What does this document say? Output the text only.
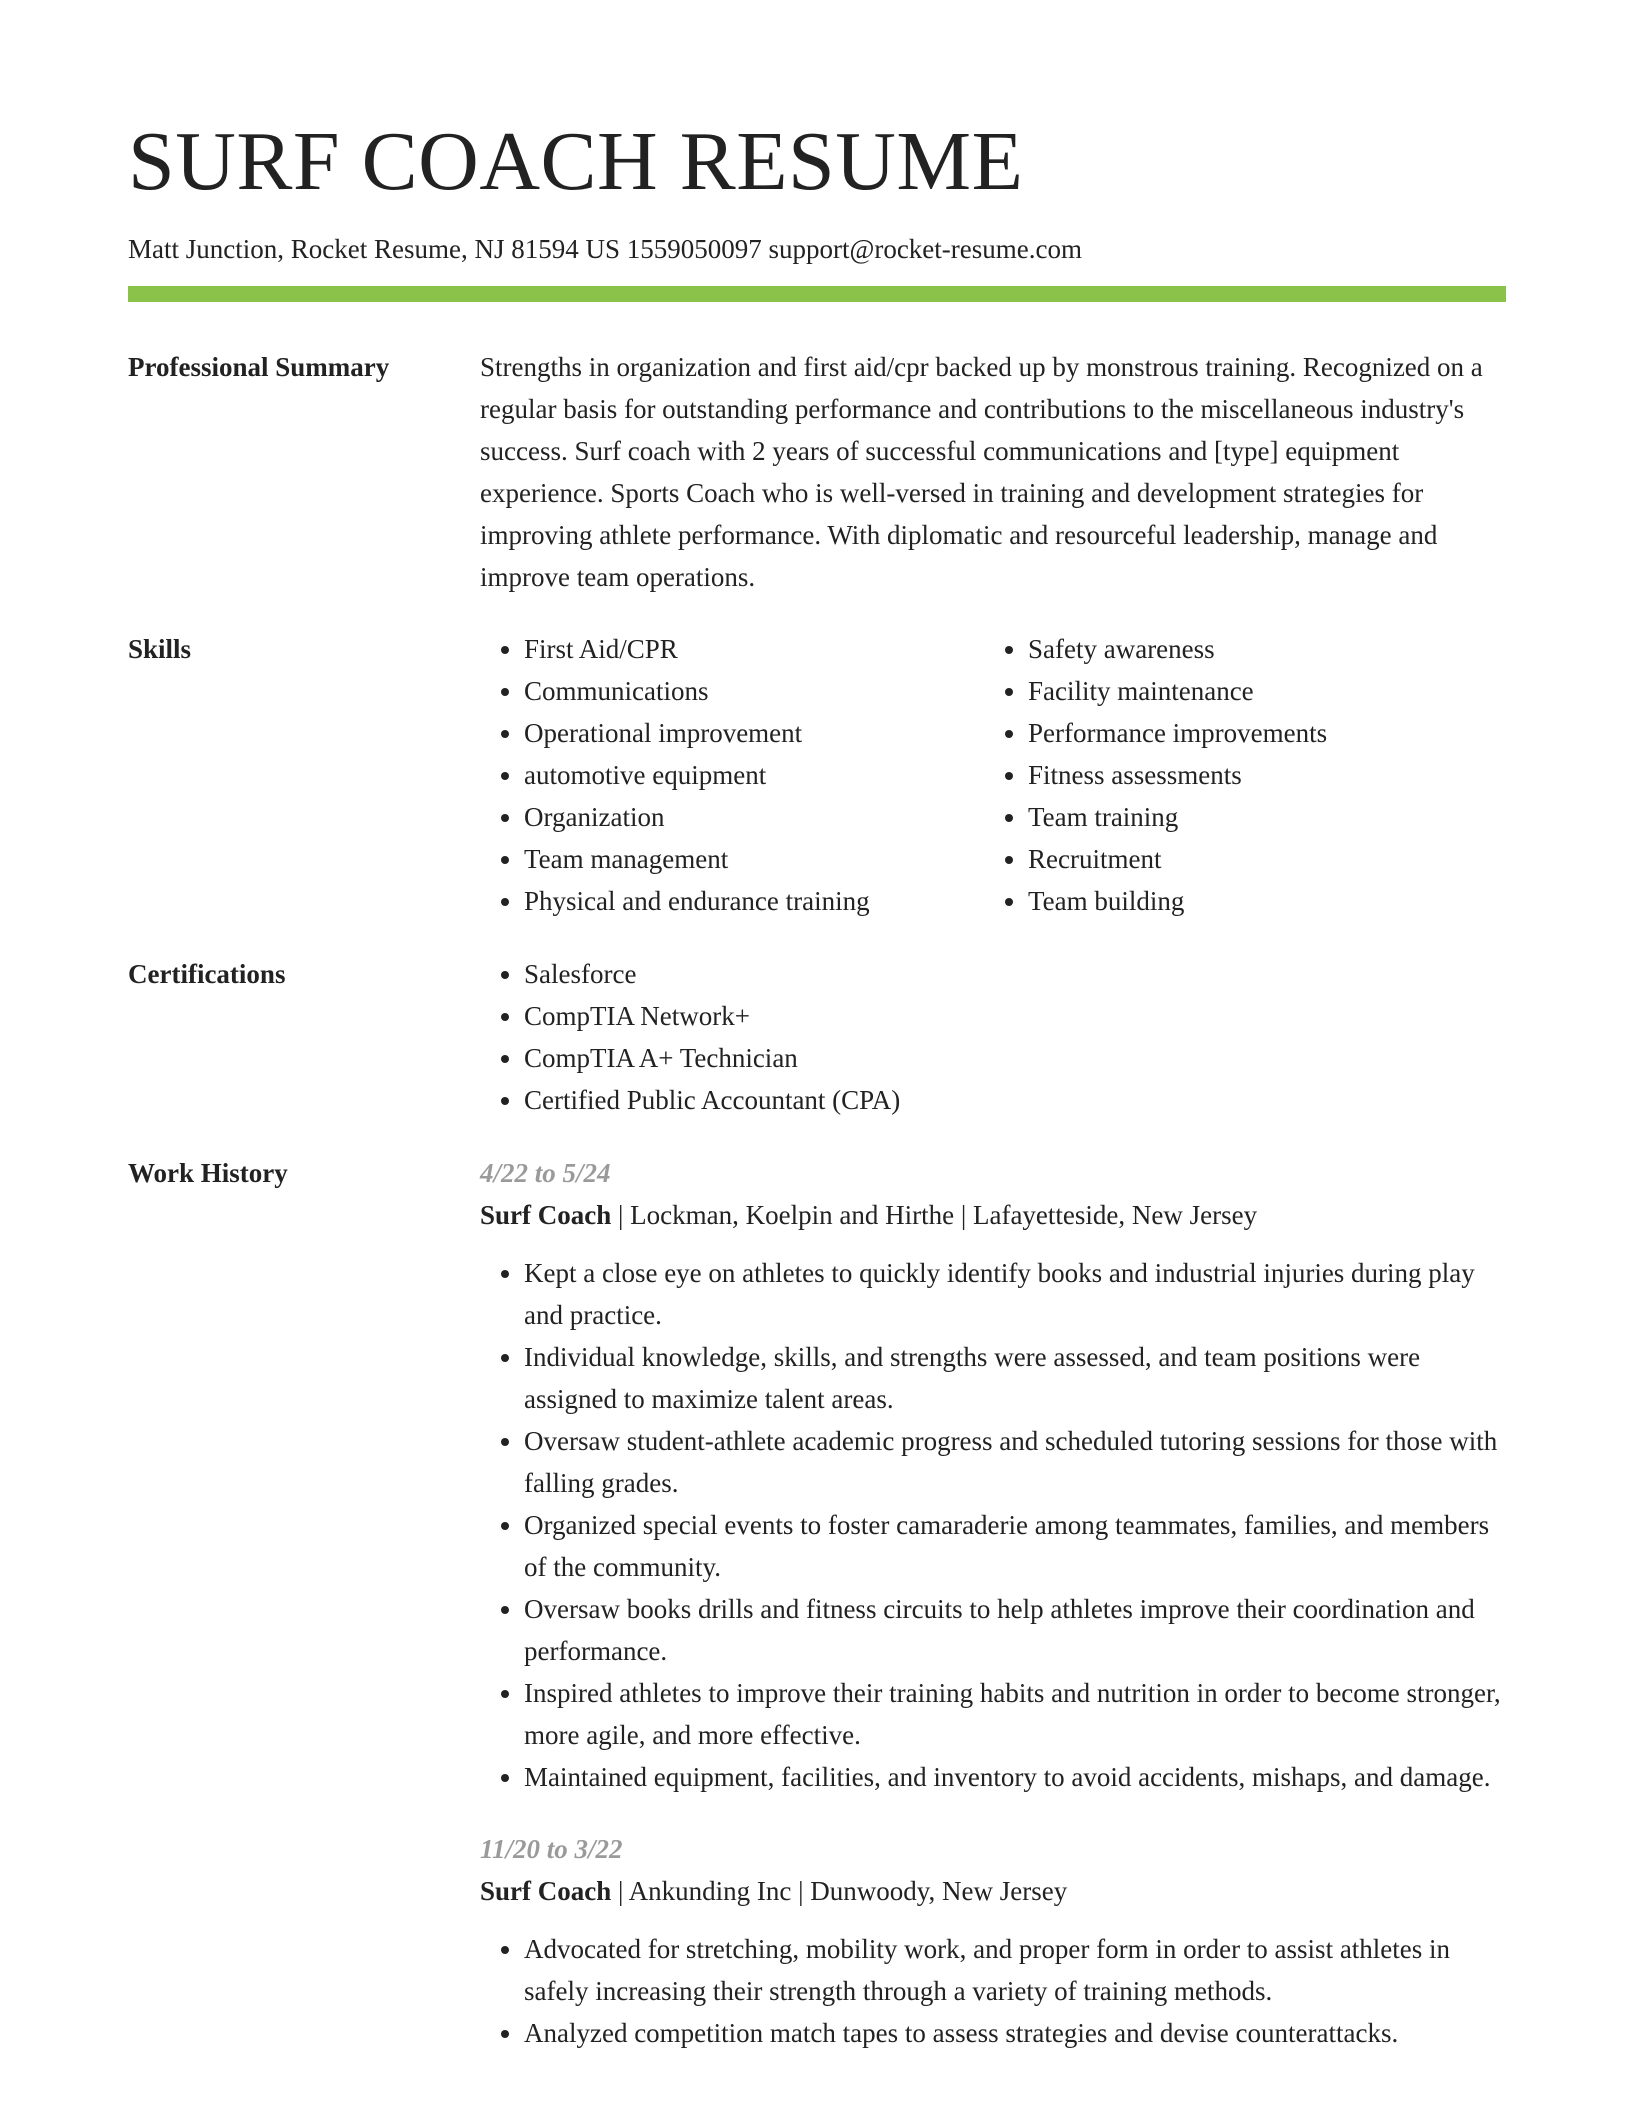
SURF COACH RESUME
Matt Junction, Rocket Resume, NJ 81594 US 1559050097 support@rocket-resume.com
Professional Summary	Strengths in organization and first aid/cpr backed up by monstrous training. Recognized on a regular basis for outstanding performance and contributions to the miscellaneous industry's success. Surf coach with 2 years of successful communications and [type] equipment experience. Sports Coach who is well-versed in training and development strategies for improving athlete performance. With diplomatic and resourceful leadership, manage and improve team operations.

Skills	• First Aid/CPR
• Communications
• Operational improvement
• automotive equipment
• Organization
• Team management
• Physical and endurance training
• Safety awareness
• Facility maintenance
• Performance improvements
• Fitness assessments
• Team training
• Recruitment
• Team building
Certifications	• Salesforce
• CompTIA Network+
• CompTIA A+ Technician
• Certified Public Accountant (CPA)
Work History	4/22 to 5/24
Surf Coach | Lockman, Koelpin and Hirthe | Lafayetteside, New Jersey
• Kept a close eye on athletes to quickly identify books and industrial injuries during play and practice.
• Individual knowledge, skills, and strengths were assessed, and team positions were assigned to maximize talent areas.
• Oversaw student-athlete academic progress and scheduled tutoring sessions for those with falling grades.
• Organized special events to foster camaraderie among teammates, families, and members of the community.
• Oversaw books drills and fitness circuits to help athletes improve their coordination and performance.
• Inspired athletes to improve their training habits and nutrition in order to become stronger, more agile, and more effective.
• Maintained equipment, facilities, and inventory to avoid accidents, mishaps, and damage.
11/20 to 3/22
Surf Coach | Ankunding Inc | Dunwoody, New Jersey
• Advocated for stretching, mobility work, and proper form in order to assist athletes in safely increasing their strength through a variety of training methods.
• Analyzed competition match tapes to assess strategies and devise counterattacks.
